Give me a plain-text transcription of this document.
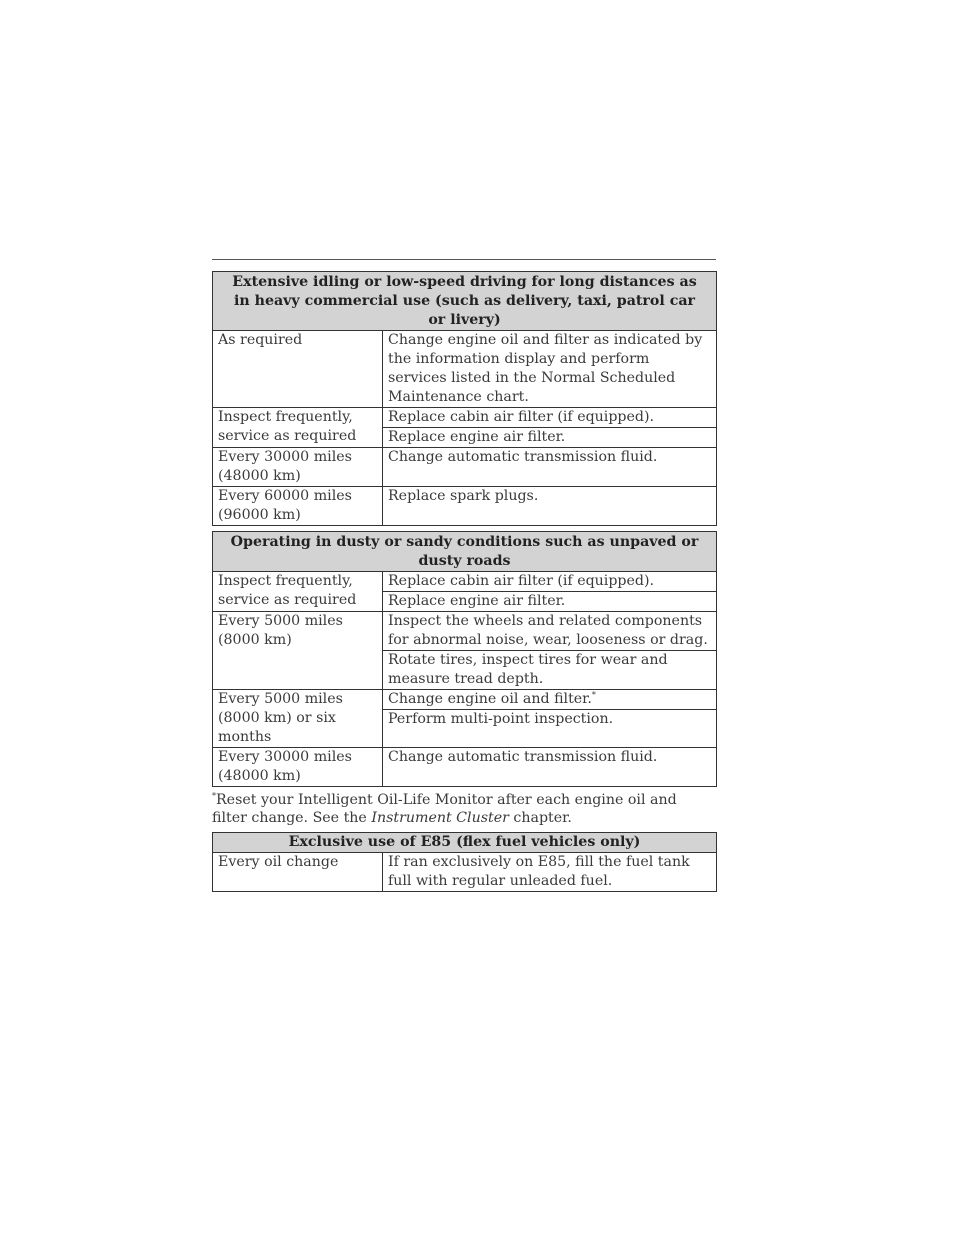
Extensive idling or low-speed driving for long distances as in heavy commercial use (such as delivery, taxi, patrol car or livery)	
As required	Change engine oil and filter as indicated by the information display and perform services listed in the Normal Scheduled Maintenance chart.
Inspect frequently, service as required	Replace cabin air filter (if equipped).
	Replace engine air filter.
Every 30000 miles (48000 km)	Change automatic transmission fluid.
Every 60000 miles (96000 km)	Replace spark plugs.
Operating in dusty or sandy conditions such as unpaved or dusty roads	
Inspect frequently, service as required	Replace cabin air filter (if equipped).
	Replace engine air filter.
Every 5000 miles (8000 km)	Inspect the wheels and related components for abnormal noise, wear, looseness or drag.
	Rotate tires, inspect tires for wear and measure tread depth.
Every 5000 miles (8000 km) or six months	Change engine oil and filter.*
	Perform multi-point inspection.
Every 30000 miles (48000 km)	Change automatic transmission fluid.
*Reset your Intelligent Oil-Life Monitor after each engine oil and filter change. See the Instrument Cluster chapter.
Exclusive use of E85 (flex fuel vehicles only)
Every oil change	If ran exclusively on E85, fill the fuel tank full with regular unleaded fuel.
